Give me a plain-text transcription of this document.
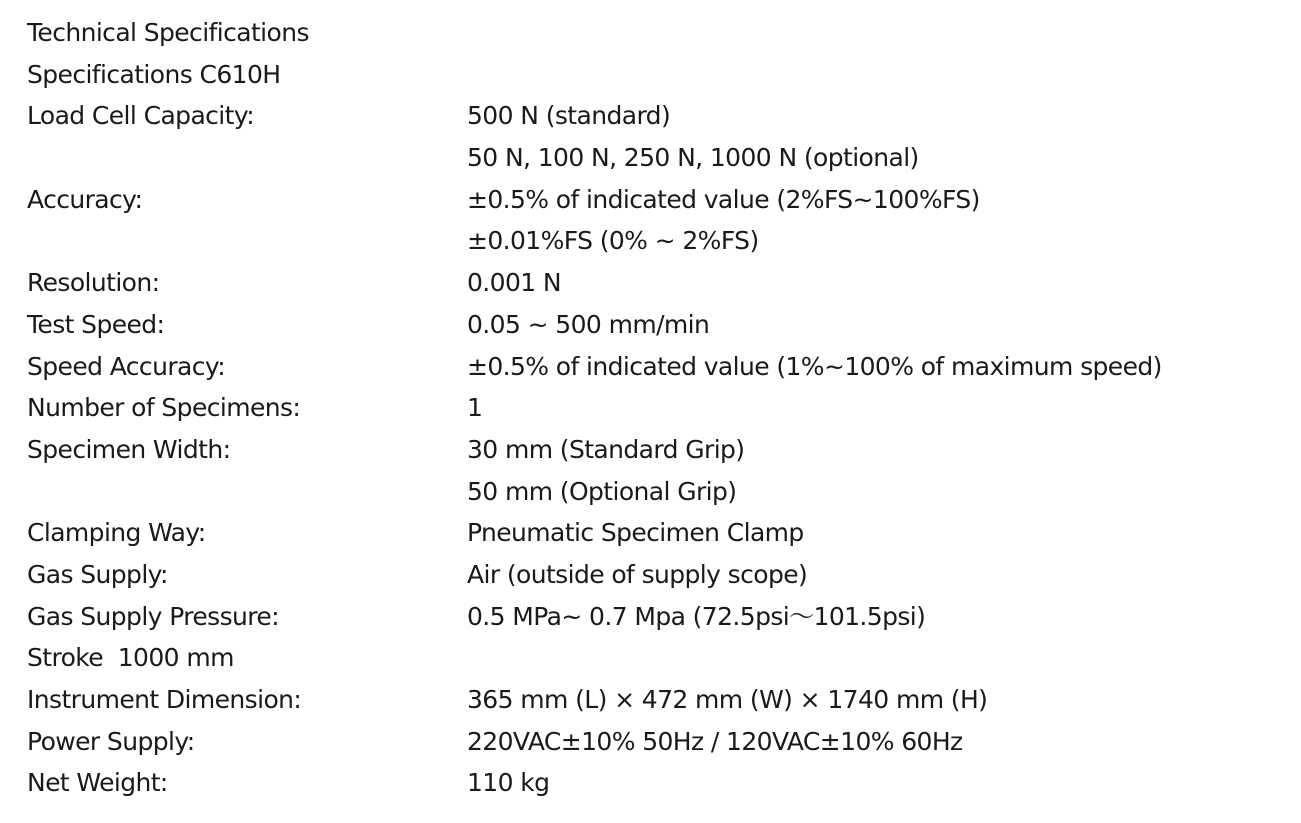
Technical Specifications
Specifications C610H
Load Cell Capacity:	500 N (standard)
50 N, 100 N, 250 N, 1000 N (optional)
Accuracy:	±0.5% of indicated value (2%FS~100%FS)
±0.01%FS (0% ~ 2%FS)
Resolution:	0.001 N
Test Speed:	0.05 ~ 500 mm/min
Speed Accuracy:	±0.5% of indicated value (1%~100% of maximum speed)
Number of Specimens:	1
Specimen Width:	30 mm (Standard Grip)
50 mm (Optional Grip)
Clamping Way:	Pneumatic Specimen Clamp
Gas Supply:	Air (outside of supply scope)
Gas Supply Pressure:	0.5 MPa~ 0.7 Mpa (72.5psi～101.5psi)
Stroke  1000 mm
Instrument Dimension:	365 mm (L) × 472 mm (W) × 1740 mm (H)
Power Supply:	220VAC±10% 50Hz / 120VAC±10% 60Hz
Net Weight:	110 kg
